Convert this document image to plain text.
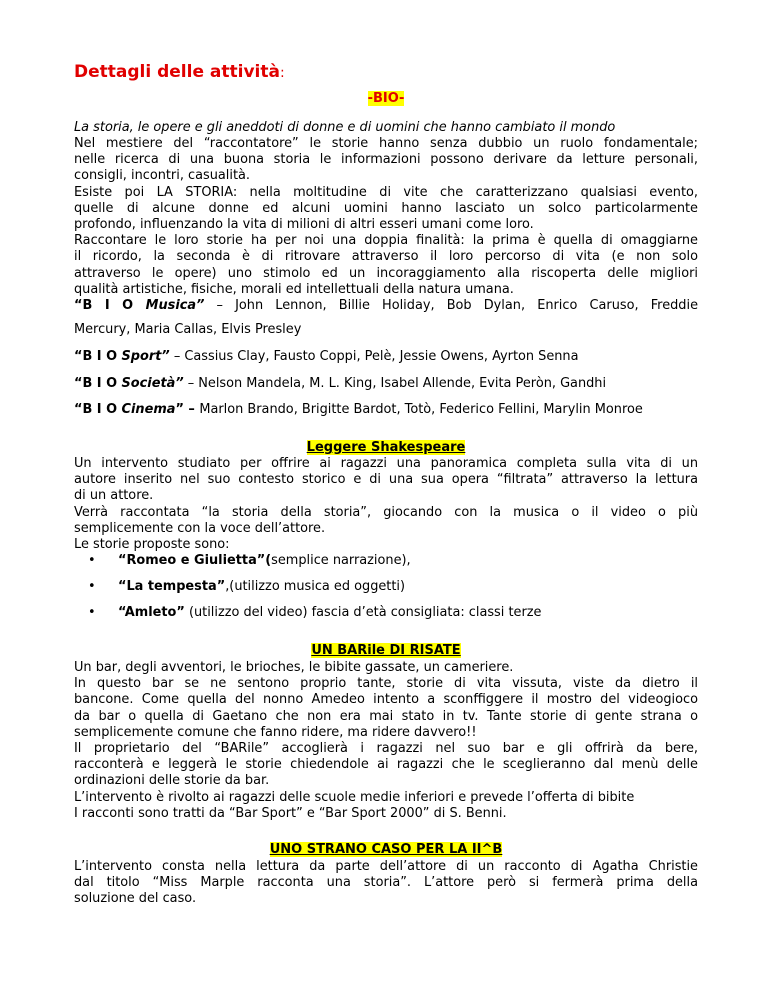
Dettagli delle attività:
-BIO-
La storia, le opere e gli aneddoti di donne e di uomini che hanno cambiato il mondo
Nel mestiere del “raccontatore” le storie hanno senza dubbio un ruolo fondamentale;
nelle ricerca di una buona storia le informazioni possono derivare da letture personali,
consigli, incontri, casualità.
Esiste poi LA STORIA: nella moltitudine di vite che caratterizzano qualsiasi evento,
quelle di alcune donne ed alcuni uomini hanno lasciato un solco particolarmente
profondo, influenzando la vita di milioni di altri esseri umani come loro.
Raccontare le loro storie ha per noi una doppia finalità: la prima è quella di omaggiarne
il ricordo, la seconda è di ritrovare attraverso il loro percorso di vita (e non solo
attraverso le opere) uno stimolo ed un incoraggiamento alla riscoperta delle migliori
qualità artistiche, fisiche, morali ed intellettuali della natura umana.
“B I O Musica” – John Lennon, Billie Holiday, Bob Dylan, Enrico Caruso, Freddie
Mercury, Maria Callas, Elvis Presley
“B I O Sport” – Cassius Clay, Fausto Coppi, Pelè, Jessie Owens, Ayrton Senna
“B I O Società” – Nelson Mandela, M. L. King, Isabel Allende, Evita Peròn, Gandhi
“B I O Cinema” – Marlon Brando, Brigitte Bardot, Totò, Federico Fellini, Marylin Monroe
Leggere Shakespeare
Un intervento studiato per offrire ai ragazzi una panoramica completa sulla vita di un
autore inserito nel suo contesto storico e di una sua opera “filtrata” attraverso la lettura
di un attore.
Verrà raccontata “la storia della storia”, giocando con la musica o il video o più
semplicemente con la voce dell’attore.
Le storie proposte sono:
• “Romeo e Giulietta”(semplice narrazione),
• “La tempesta”,(utilizzo musica ed oggetti)
• “Amleto” (utilizzo del video) fascia d’età consigliata: classi terze
UN BARile DI RISATE
Un bar, degli avventori, le brioches, le bibite gassate, un cameriere.
In questo bar se ne sentono proprio tante, storie di vita vissuta, viste da dietro il
bancone. Come quella del nonno Amedeo intento a sconffiggere il mostro del videogioco
da bar o quella di Gaetano che non era mai stato in tv. Tante storie di gente strana o
semplicemente comune che fanno ridere, ma ridere davvero!!
Il proprietario del “BARile” accoglierà i ragazzi nel suo bar e gli offrirà da bere,
racconterà e leggerà le storie chiedendole ai ragazzi che le sceglieranno dal menù delle
ordinazioni delle storie da bar.
L’intervento è rivolto ai ragazzi delle scuole medie inferiori e prevede l’offerta di bibite
I racconti sono tratti da “Bar Sport” e “Bar Sport 2000” di S. Benni.
UNO STRANO CASO PER LA II^B
L’intervento consta nella lettura da parte dell’attore di un racconto di Agatha Christie
dal titolo “Miss Marple racconta una storia”. L’attore però si fermerà prima della
soluzione del caso.
